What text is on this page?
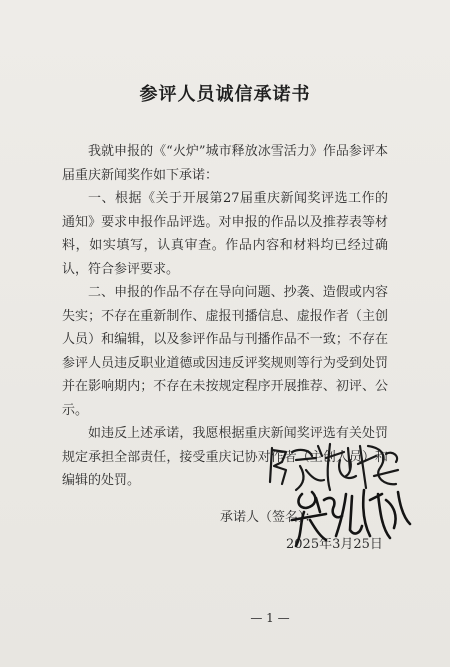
参评人员诚信承诺书

我就申报的《“火炉”城市释放冰雪活力》作品参评本届重庆新闻奖作如下承诺：

一、根据《关于开展第27届重庆新闻奖评选工作的通知》要求申报作品评选。对申报的作品以及推荐表等材料，如实填写，认真审查。作品内容和材料均已经过确认，符合参评要求。

二、申报的作品不存在导向问题、抄袭、造假或内容失实；不存在重新制作、虚报刊播信息、虚报作者（主创人员）和编辑，以及参评作品与刊播作品不一致；不存在参评人员违反职业道德或因违反评奖规则等行为受到处罚并在影响期内；不存在未按规定程序开展推荐、初评、公示。

如违反上述承诺，我愿根据重庆新闻奖评选有关处罚规定承担全部责任，接受重庆记协对作者（主创人员）和编辑的处罚。

承诺人（签名）：
2025年3月25日
— 1 —
